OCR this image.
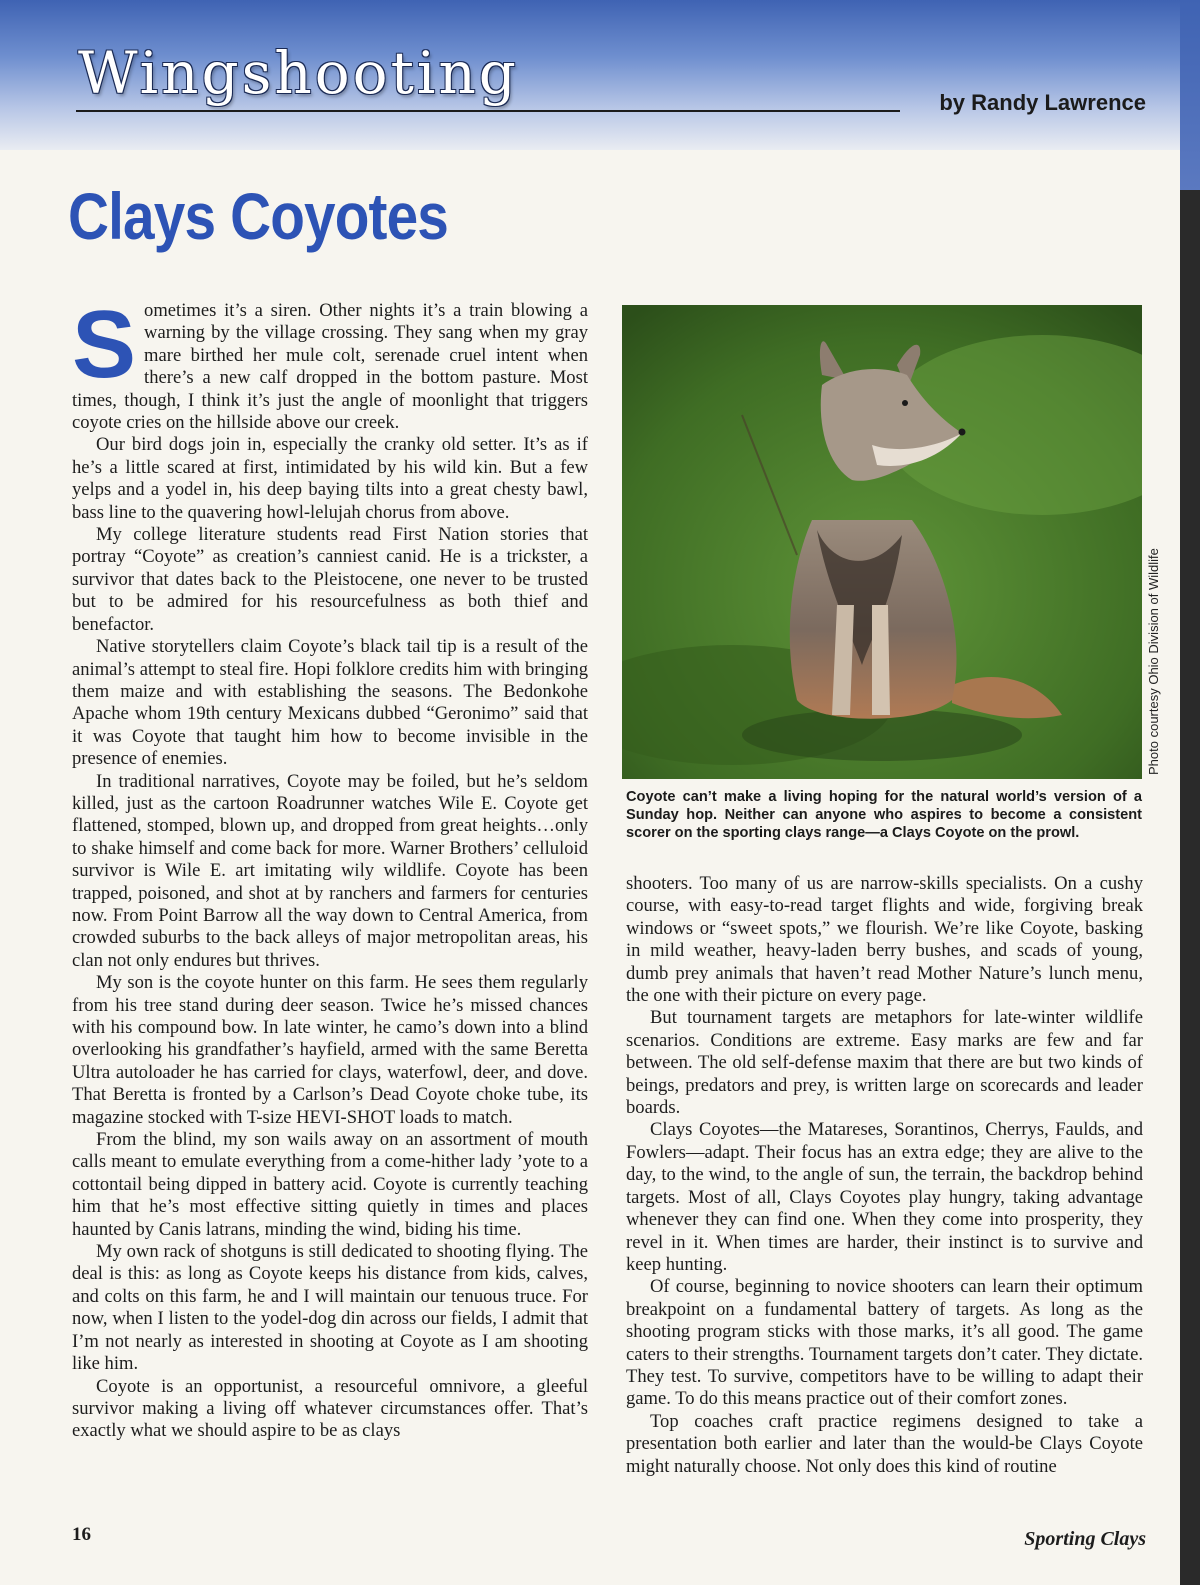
Wingshooting	by Randy Lawrence
Clays Coyotes

Sometimes it’s a siren. Other nights it’s a train blowing a warning by the village crossing. They sang when my gray mare birthed her mule colt, serenade cruel intent when there’s a new calf dropped in the bottom pasture. Most times, though, I think it’s just the angle of moonlight that triggers coyote cries on the hillside above our creek.

Our bird dogs join in, especially the cranky old setter. It’s as if he’s a little scared at first, intimidated by his wild kin. But a few yelps and a yodel in, his deep baying tilts into a great chesty bawl, bass line to the quavering howl-lelujah chorus from above.

My college literature students read First Nation stories that portray “Coyote” as creation’s canniest canid. He is a trickster, a survivor that dates back to the Pleistocene, one never to be trusted but to be admired for his resourcefulness as both thief and benefactor.

Native storytellers claim Coyote’s black tail tip is a result of the animal’s attempt to steal fire. Hopi folklore credits him with bringing them maize and with establishing the seasons. The Bedonkohe Apache whom 19th century Mexicans dubbed “Geronimo” said that it was Coyote that taught him how to become invisible in the presence of enemies.

In traditional narratives, Coyote may be foiled, but he’s seldom killed, just as the cartoon Roadrunner watches Wile E. Coyote get flattened, stomped, blown up, and dropped from great heights…only to shake himself and come back for more. Warner Brothers’ celluloid survivor is Wile E. art imitating wily wildlife. Coyote has been trapped, poisoned, and shot at by ranchers and farmers for centuries now. From Point Barrow all the way down to Central America, from crowded suburbs to the back alleys of major metropolitan areas, his clan not only endures but thrives.

My son is the coyote hunter on this farm. He sees them regularly from his tree stand during deer season. Twice he’s missed chances with his compound bow. In late winter, he camo’s down into a blind overlooking his grandfather’s hayfield, armed with the same Beretta Ultra autoloader he has carried for clays, waterfowl, deer, and dove. That Beretta is fronted by a Carlson’s Dead Coyote choke tube, its magazine stocked with T-size HEVI-SHOT loads to match.

From the blind, my son wails away on an assortment of mouth calls meant to emulate everything from a come-hither lady ’yote to a cottontail being dipped in battery acid. Coyote is currently teaching him that he’s most effective sitting quietly in times and places haunted by Canis latrans, minding the wind, biding his time.

My own rack of shotguns is still dedicated to shooting flying. The deal is this: as long as Coyote keeps his distance from kids, calves, and colts on this farm, he and I will maintain our tenuous truce. For now, when I listen to the yodel-dog din across our fields, I admit that I’m not nearly as interested in shooting at Coyote as I am shooting like him.

Coyote is an opportunist, a resourceful omnivore, a gleeful survivor making a living off whatever circumstances offer. That’s exactly what we should aspire to be as clays

Photo courtesy Ohio Division of Wildlife
Coyote can’t make a living hoping for the natural world’s version of a Sunday hop. Neither can anyone who aspires to become a consistent scorer on the sporting clays range—a Clays Coyote on the prowl.

shooters. Too many of us are narrow-skills specialists. On a cushy course, with easy-to-read target flights and wide, forgiving break windows or “sweet spots,” we flourish. We’re like Coyote, basking in mild weather, heavy-laden berry bushes, and scads of young, dumb prey animals that haven’t read Mother Nature’s lunch menu, the one with their picture on every page.

But tournament targets are metaphors for late-winter wildlife scenarios. Conditions are extreme. Easy marks are few and far between. The old self-defense maxim that there are but two kinds of beings, predators and prey, is written large on scorecards and leader boards.

Clays Coyotes—the Matareses, Sorantinos, Cherrys, Faulds, and Fowlers—adapt. Their focus has an extra edge; they are alive to the day, to the wind, to the angle of sun, the terrain, the backdrop behind targets. Most of all, Clays Coyotes play hungry, taking advantage whenever they can find one. When they come into prosperity, they revel in it. When times are harder, their instinct is to survive and keep hunting.

Of course, beginning to novice shooters can learn their optimum breakpoint on a fundamental battery of targets. As long as the shooting program sticks with those marks, it’s all good. The game caters to their strengths. Tournament targets don’t cater. They dictate. They test. To survive, competitors have to be willing to adapt their game. To do this means practice out of their comfort zones.

Top coaches craft practice regimens designed to take a presentation both earlier and later than the would-be Clays Coyote might naturally choose. Not only does this kind of routine

16	Sporting Clays
